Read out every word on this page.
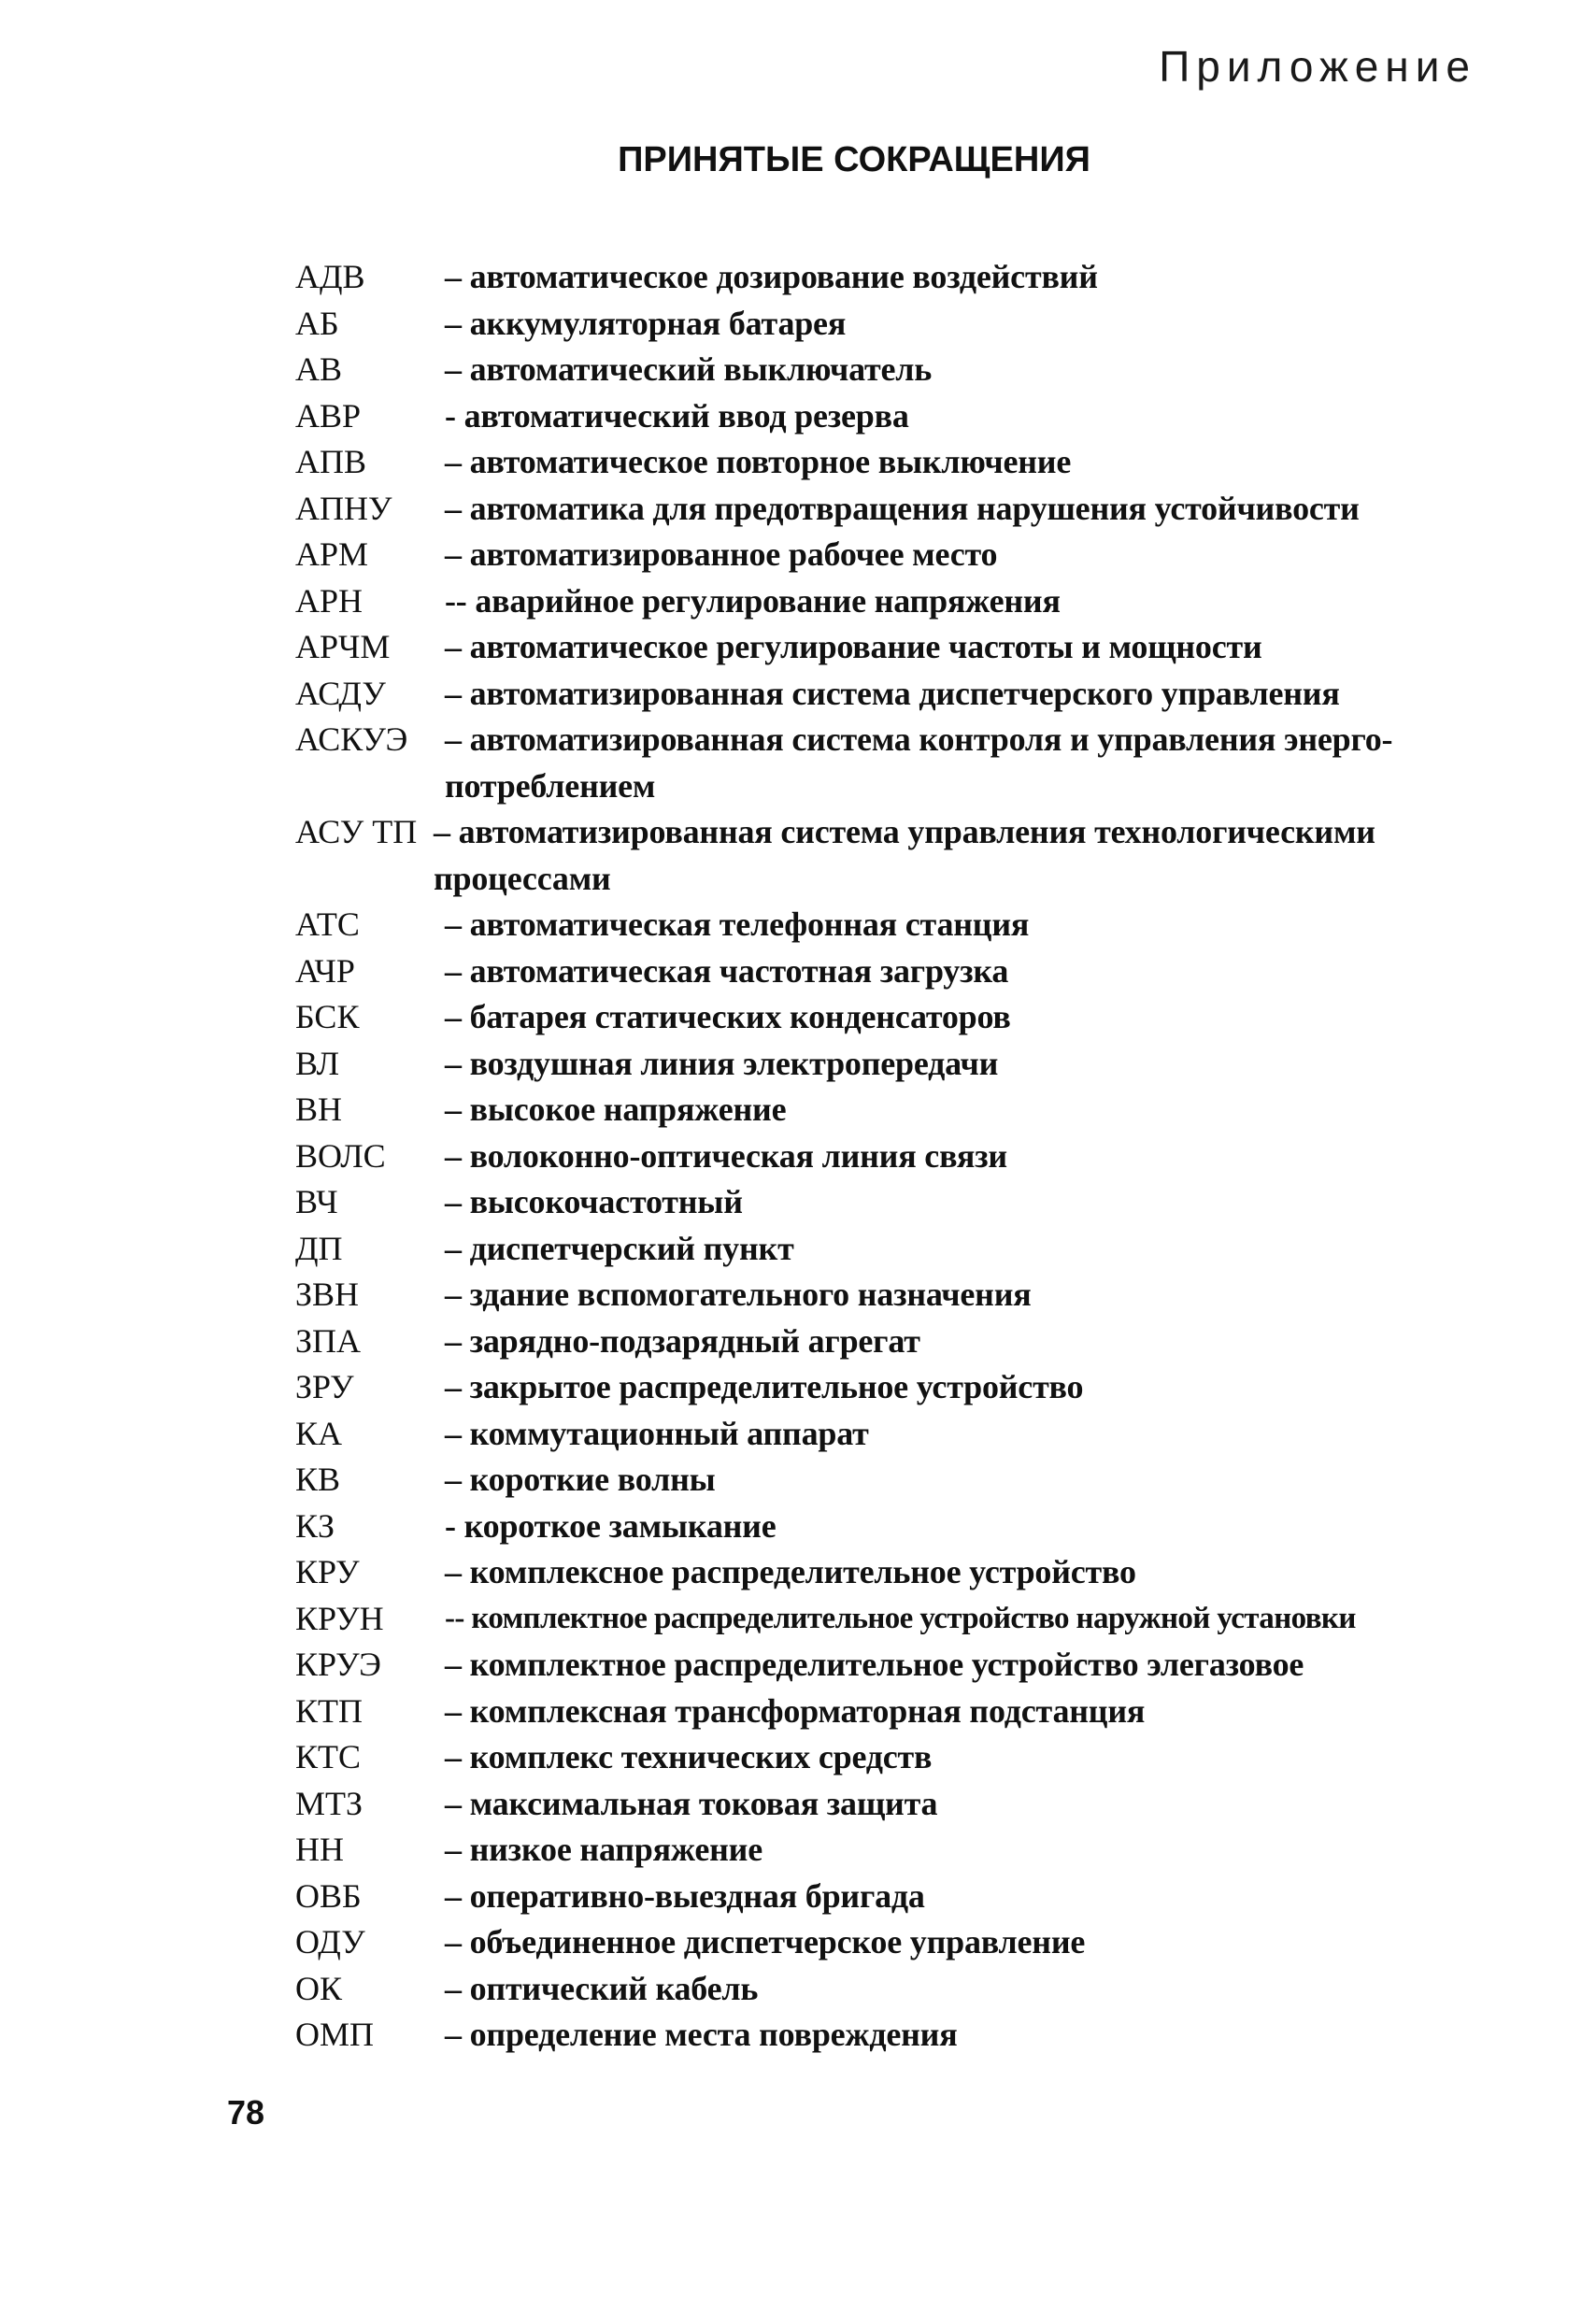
Приложение
ПРИНЯТЫЕ СОКРАЩЕНИЯ
АДВ	– автоматическое дозирование воздействий
АБ	– аккумуляторная батарея
АВ	– автоматический выключатель
АВР	- автоматический ввод резерва
АПВ	– автоматическое повторное выключение
АПНУ	– автоматика для предотвращения нарушения устойчивости
АРМ	– автоматизированное рабочее место
АРН	-- аварийное регулирование напряжения
АРЧМ	– автоматическое регулирование частоты и мощности
АСДУ	– автоматизированная система диспетчерского управления
АСКУЭ	– автоматизированная система контроля и управления энерго-потреблением
АСУ ТП – автоматизированная система управления технологическими процессами
АТС	– автоматическая телефонная станция
АЧР	– автоматическая частотная загрузка
БСК	– батарея статических конденсаторов
ВЛ	– воздушная линия электропередачи
ВН	– высокое напряжение
ВОЛС	– волоконно-оптическая линия связи
ВЧ	– высокочастотный
ДП	– диспетчерский пункт
ЗВН	– здание вспомогательного назначения
ЗПА	– зарядно-подзарядный агрегат
ЗРУ	– закрытое распределительное устройство
КА	– коммутационный аппарат
КВ	– короткие волны
КЗ	- короткое замыкание
КРУ	– комплексное распределительное устройство
КРУН	-- комплектное распределительное устройство наружной установки
КРУЭ	– комплектное распределительное устройство элегазовое
КТП	– комплексная трансформаторная подстанция
КТС	– комплекс технических средств
МТЗ	– максимальная токовая защита
НН	– низкое напряжение
ОВБ	– оперативно-выездная бригада
ОДУ	– объединенное диспетчерское управление
ОК	– оптический кабель
ОМП	– определение места повреждения
78
